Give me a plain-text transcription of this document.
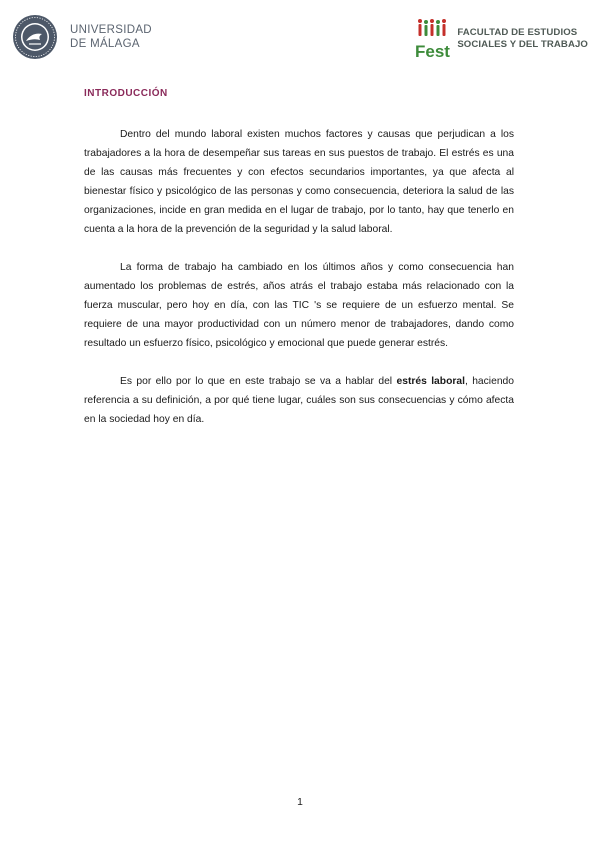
UNIVERSIDAD
DE MÁLAGA	Fest
FACULTAD DE ESTUDIOS
SOCIALES Y DEL TRABAJO
INTRODUCCIÓN

Dentro del mundo laboral existen muchos factores y causas que perjudican a los trabajadores a la hora de desempeñar sus tareas en sus puestos de trabajo. El estrés es una de las causas más frecuentes y con efectos secundarios importantes, ya que afecta al bienestar físico y psicológico de las personas y como consecuencia, deteriora la salud de las organizaciones, incide en gran medida en el lugar de trabajo, por lo tanto, hay que tenerlo en cuenta a la hora de la prevención de la seguridad y la salud laboral.

La forma de trabajo ha cambiado en los últimos años y como consecuencia han aumentado los problemas de estrés, años atrás el trabajo estaba más relacionado con la fuerza muscular, pero hoy en día, con las TIC 's se requiere de un esfuerzo mental. Se requiere de una mayor productividad con un número menor de trabajadores, dando como resultado un esfuerzo físico, psicológico y emocional que puede generar estrés.

Es por ello por lo que en este trabajo se va a hablar del estrés laboral, haciendo referencia a su definición, a por qué tiene lugar, cuáles son sus consecuencias y cómo afecta en la sociedad hoy en día.

1
